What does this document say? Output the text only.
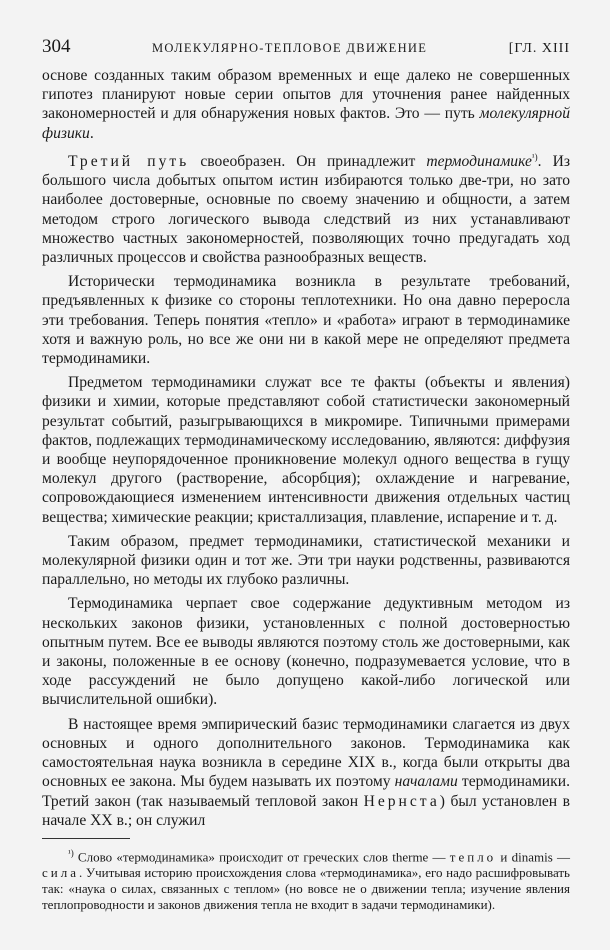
304	МОЛЕКУЛЯРНО-ТЕПЛОВОЕ ДВИЖЕНИЕ	[ГЛ. XIII

основе созданных таким образом временных и еще далеко не совершенных гипотез планируют новые серии опытов для уточнения ранее найденных закономерностей и для обнаружения новых фактов. Это — путь молекулярной физики.

Третий путь своеобразен. Он принадлежит термодинамике$^{^1)}$. Из большого числа добытых опытом истин избираются только две-три, но зато наиболее достоверные, основные по своему значению и общности, а затем методом строго логического вывода следствий из них устанавливают множество частных закономерностей, позволяющих точно предугадать ход различных процессов и свойства разнообразных веществ.

Исторически термодинамика возникла в результате требований, предъявленных к физике со стороны теплотехники. Но она давно переросла эти требования. Теперь понятия «тепло» и «работа» играют в термодинамике хотя и важную роль, но все же они ни в какой мере не определяют предмета термодинамики.

Предметом термодинамики служат все те факты (объекты и явления) физики и химии, которые представляют собой статистически закономерный результат событий, разыгрывающихся в микромире. Типичными примерами фактов, подлежащих термодинамическому исследованию, являются: диффузия и вообще неупорядоченное проникновение молекул одного вещества в гущу молекул другого (растворение, абсорбция); охлаждение и нагревание, сопровождающиеся изменением интенсивности движения отдельных частиц вещества; химические реакции; кристаллизация, плавление, испарение и т. д.

Таким образом, предмет термодинамики, статистической механики и молекулярной физики один и тот же. Эти три науки родственны, развиваются параллельно, но методы их глубоко различны.

Термодинамика черпает свое содержание дедуктивным методом из нескольких законов физики, установленных с полной достоверностью опытным путем. Все ее выводы являются поэтому столь же достоверными, как и законы, положенные в ее основу (конечно, подразумевается условие, что в ходе рассуждений не было допущено какой-либо логической или вычислительной ошибки).

В настоящее время эмпирический базис термодинамики слагается из двух основных и одного дополнительного законов. Термодинамика как самостоятельная наука возникла в середине XIX в., когда были открыты два основных ее закона. Мы будем называть их поэтому началами термодинамики. Третий закон (так называемый тепловой закон Нернста) был установлен в начале XX в.; он служил

$^{^1)}$ Слово «термодинамика» происходит от греческих слов therme — тепло и dinamis — сила. Учитывая историю происхождения слова «термодинамика», его надо расшифровывать так: «наука о силах, связанных с теплом» (но вовсе не о движении тепла; изучение явления теплопроводности и законов движения тепла не входит в задачи термодинамики).
